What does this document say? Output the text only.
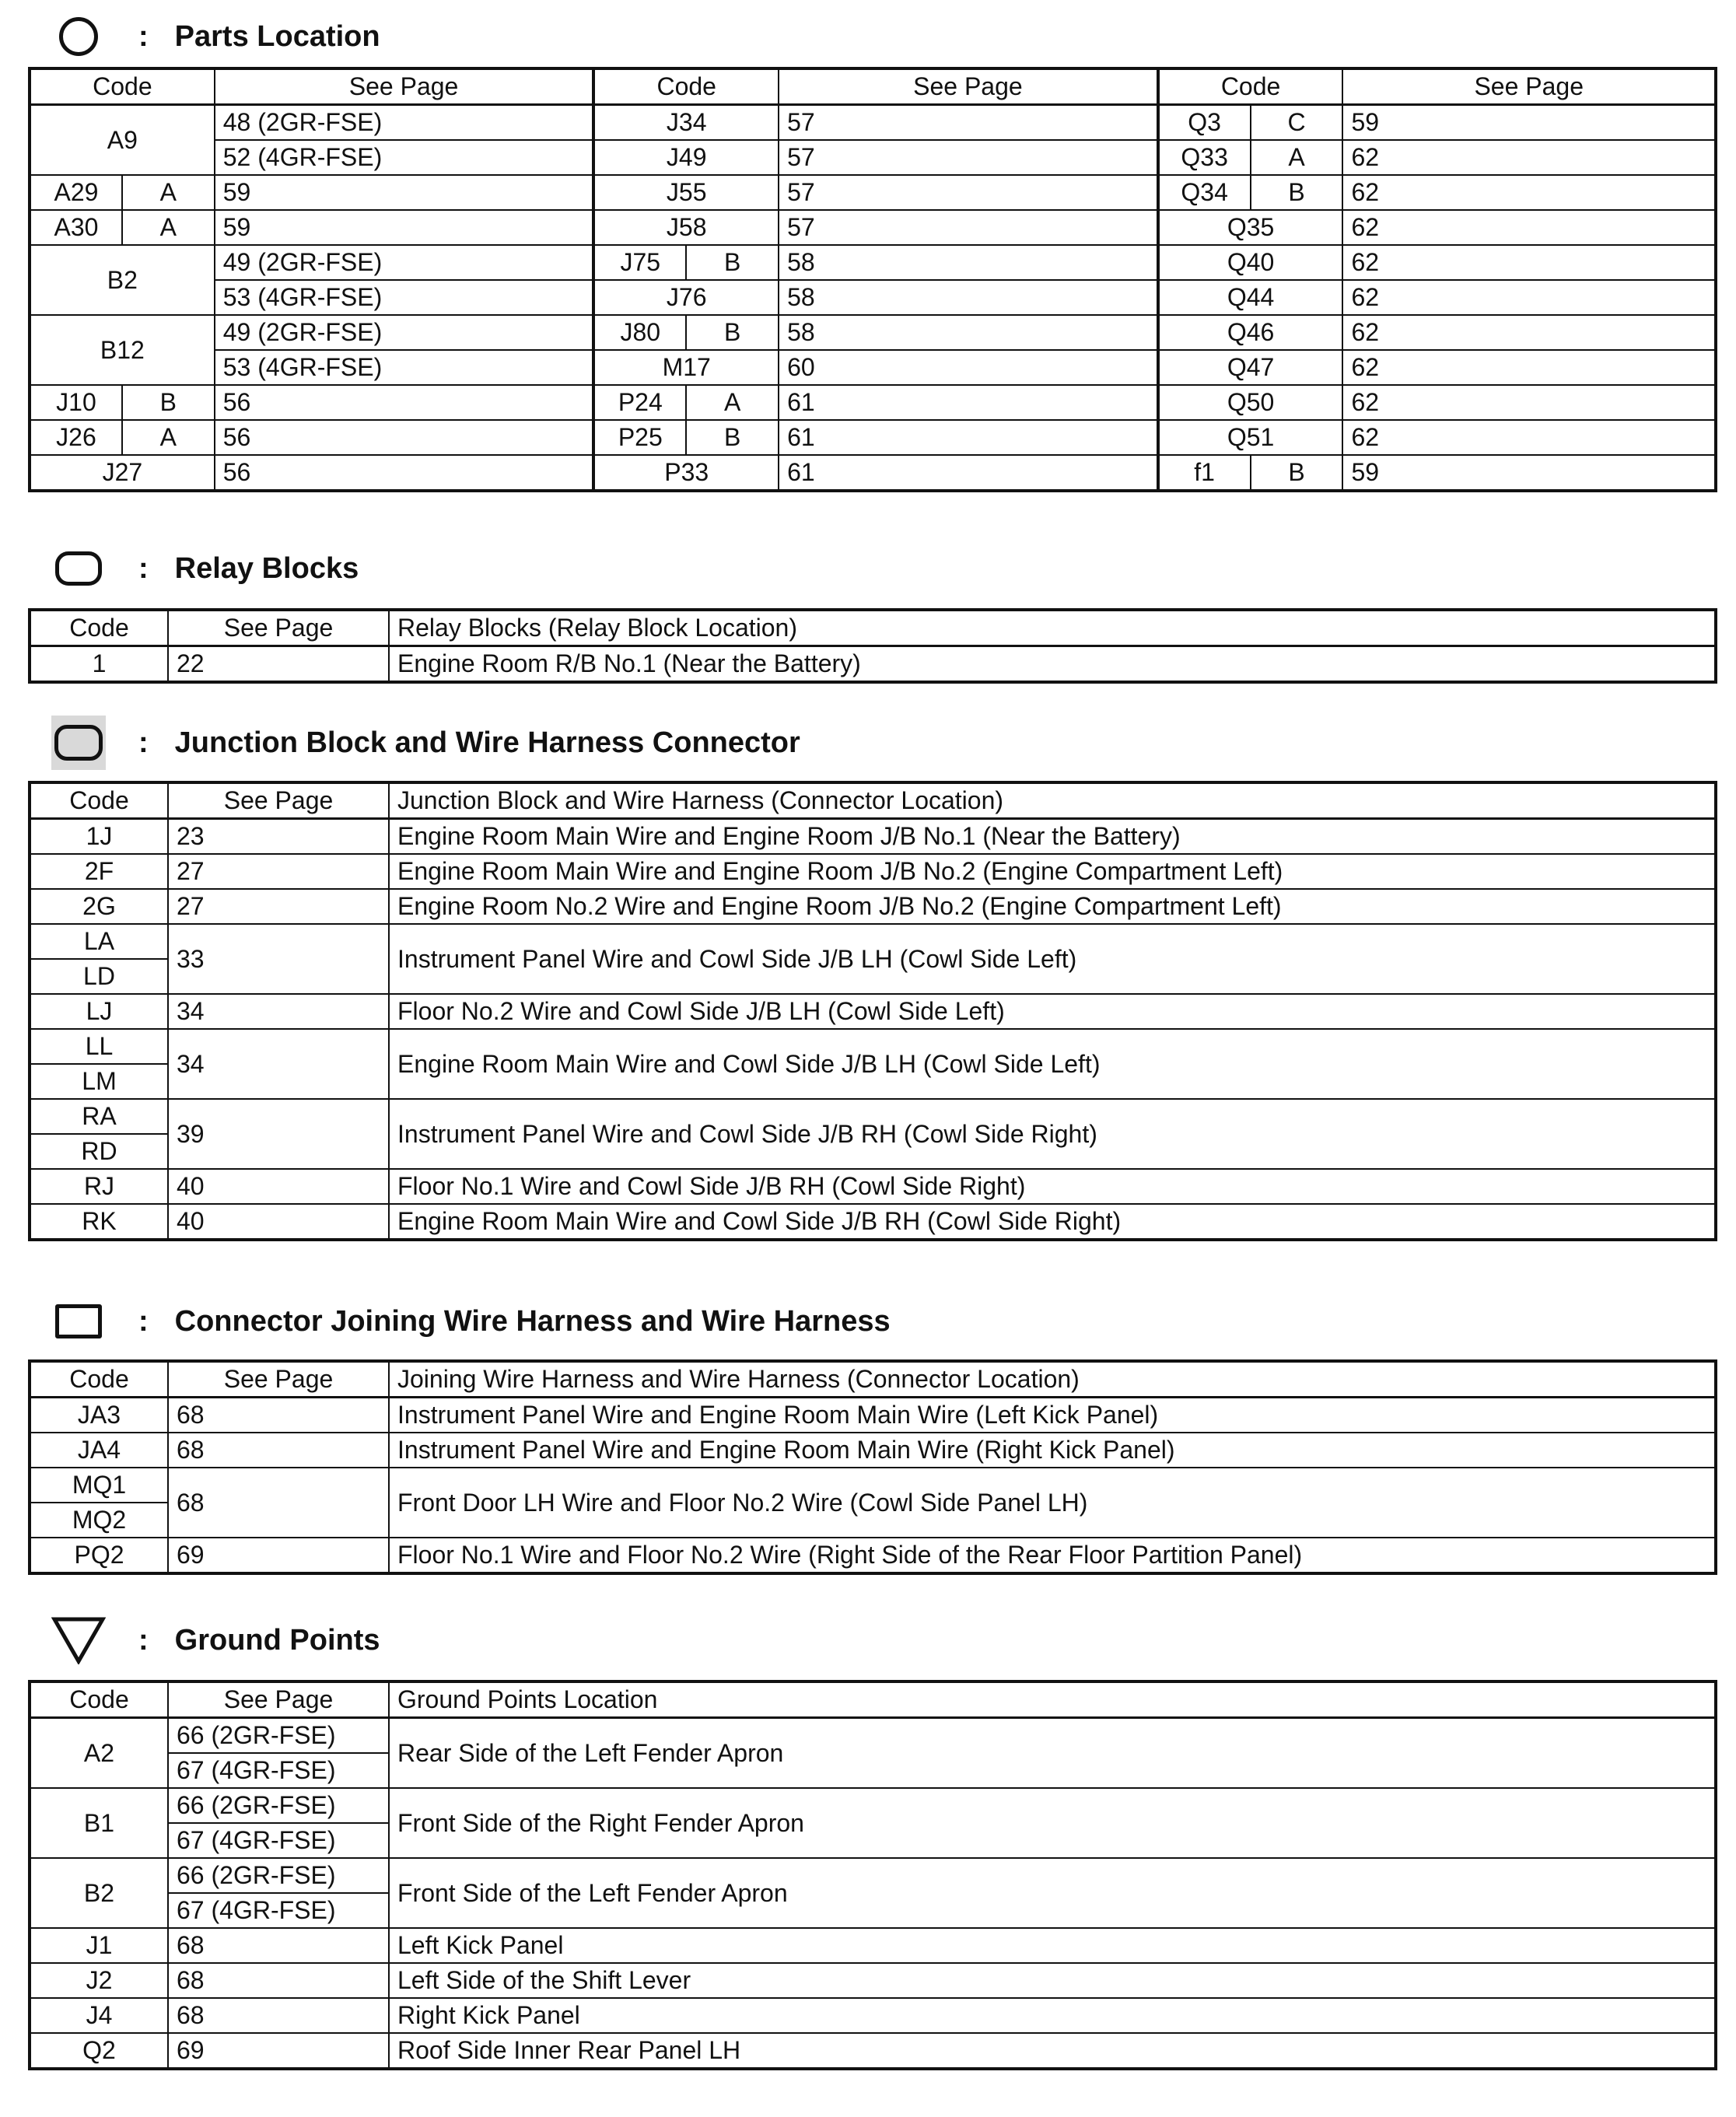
: Parts Location
Code		See Page	Code		See Page	Code		See Page
A9		48 (2GR-FSE)	J34		57	Q3	C	59
		52 (4GR-FSE)	J49		57	Q33	A	62
A29	A	59	J55		57	Q34	B	62
A30	A	59	J58		57	Q35		62
B2		49 (2GR-FSE)	J75	B	58	Q40		62
		53 (4GR-FSE)	J76		58	Q44		62
B12		49 (2GR-FSE)	J80	B	58	Q46		62
		53 (4GR-FSE)	M17		60	Q47		62
J10	B	56	P24	A	61	Q50		62
J26	A	56	P25	B	61	Q51		62
J27		56	P33		61	f1	B	59
: Relay Blocks
Code	See Page	Relay Blocks (Relay Block Location)
1	22	Engine Room R/B No.1 (Near the Battery)
: Junction Block and Wire Harness Connector
Code	See Page	Junction Block and Wire Harness (Connector Location)
1J	23	Engine Room Main Wire and Engine Room J/B No.1 (Near the Battery)
2F	27	Engine Room Main Wire and Engine Room J/B No.2 (Engine Compartment Left)
2G	27	Engine Room No.2 Wire and Engine Room J/B No.2 (Engine Compartment Left)
LA	33	Instrument Panel Wire and Cowl Side J/B LH (Cowl Side Left)
LD		
LJ	34	Floor No.2 Wire and Cowl Side J/B LH (Cowl Side Left)
LL	34	Engine Room Main Wire and Cowl Side J/B LH (Cowl Side Left)
LM		
RA	39	Instrument Panel Wire and Cowl Side J/B RH (Cowl Side Right)
RD		
RJ	40	Floor No.1 Wire and Cowl Side J/B RH (Cowl Side Right)
RK	40	Engine Room Main Wire and Cowl Side J/B RH (Cowl Side Right)
: Connector Joining Wire Harness and Wire Harness
Code	See Page	Joining Wire Harness and Wire Harness (Connector Location)
JA3	68	Instrument Panel Wire and Engine Room Main Wire (Left Kick Panel)
JA4	68	Instrument Panel Wire and Engine Room Main Wire (Right Kick Panel)
MQ1	68	Front Door LH Wire and Floor No.2 Wire (Cowl Side Panel LH)
MQ2		
PQ2	69	Floor No.1 Wire and Floor No.2 Wire (Right Side of the Rear Floor Partition Panel)
: Ground Points
Code	See Page	Ground Points Location
A2	66 (2GR-FSE)	Rear Side of the Left Fender Apron
	67 (4GR-FSE)	
B1	66 (2GR-FSE)	Front Side of the Right Fender Apron
	67 (4GR-FSE)	
B2	66 (2GR-FSE)	Front Side of the Left Fender Apron
	67 (4GR-FSE)	
J1	68	Left Kick Panel
J2	68	Left Side of the Shift Lever
J4	68	Right Kick Panel
Q2	69	Roof Side Inner Rear Panel LH
